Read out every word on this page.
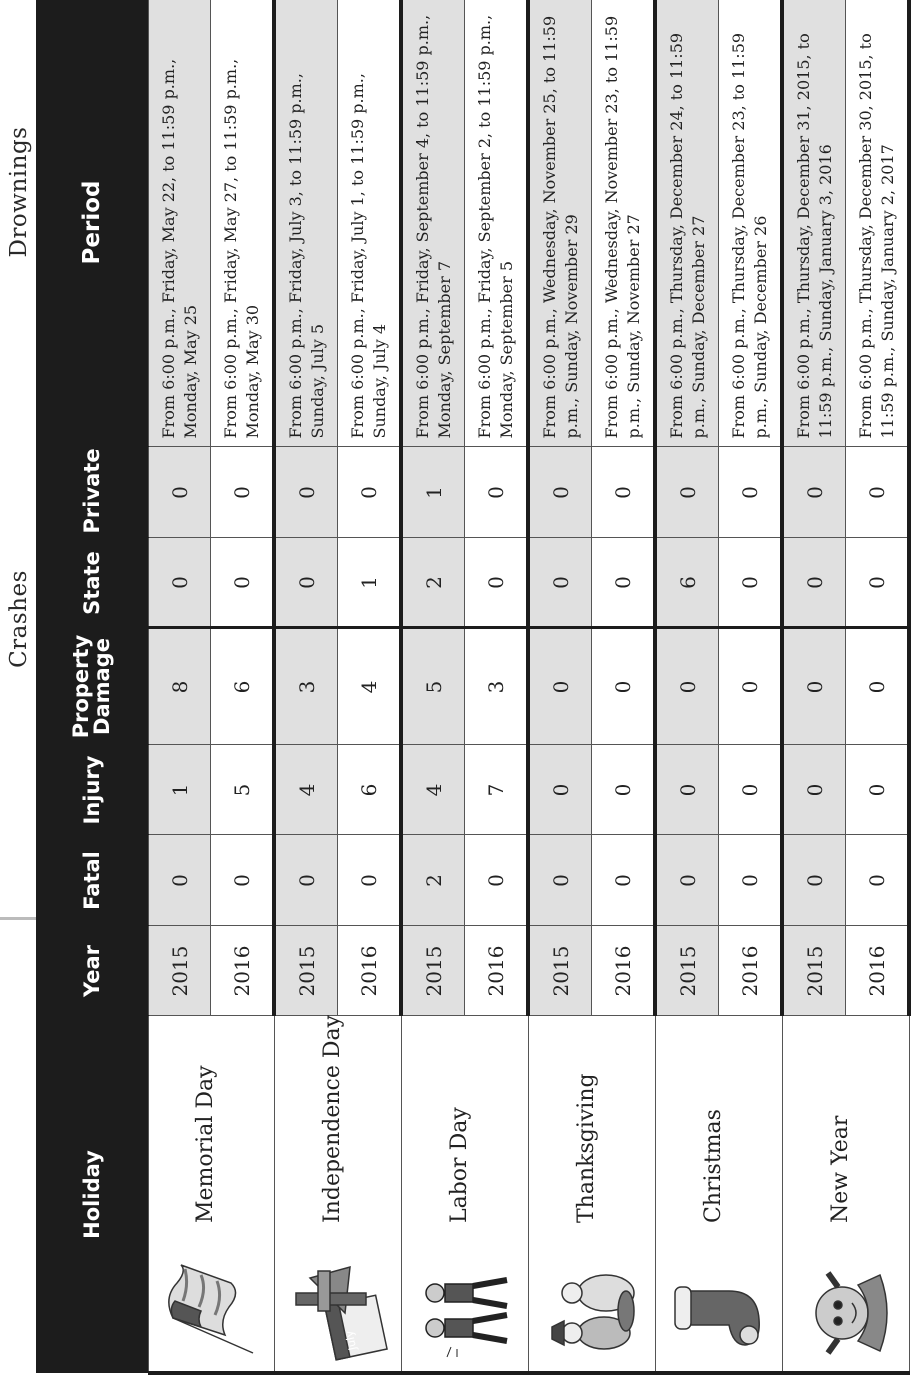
Crashes
Drownings
Holiday	Year	Fatal	Injury	Property Damage	State	Private	Period

Memorial Day	2015	0	1	8	0	0	From 6:00 p.m., Friday, May 22, to 11:59 p.m., Monday, May 25
	2016	0	5	6	0	0	From 6:00 p.m., Friday, May 27, to 11:59 p.m., Monday, May 30

July
Independence Day	2015	0	4	3	0	0	From 6:00 p.m., Friday, July 3, to 11:59 p.m., Sunday, July 5
	2016	0	6	4	1	0	From 6:00 p.m., Friday, July 1, to 11:59 p.m., Sunday, July 4

Labor Day	2015	2	4	5	2	1	From 6:00 p.m., Friday, September 4, to 11:59 p.m., Monday, September 7
	2016	0	7	3	0	0	From 6:00 p.m., Friday, September 2, to 11:59 p.m., Monday, September 5

Thanksgiving	2015	0	0	0	0	0	From 6:00 p.m., Wednesday, November 25, to 11:59 p.m., Sunday, November 29
	2016	0	0	0	0	0	From 6:00 p.m., Wednesday, November 23, to 11:59 p.m., Sunday, November 27

Christmas	2015	0	0	0	6	0	From 6:00 p.m., Thursday, December 24, to 11:59 p.m., Sunday, December 27
	2016	0	0	0	0	0	From 6:00 p.m., Thursday, December 23, to 11:59 p.m., Sunday, December 26

New Year	2015	0	0	0	0	0	From 6:00 p.m., Thursday, December 31, 2015, to 11:59 p.m., Sunday, January 3, 2016
	2016	0	0	0	0	0	From 6:00 p.m., Thursday, December 30, 2015, to 11:59 p.m., Sunday, January 2, 2017
